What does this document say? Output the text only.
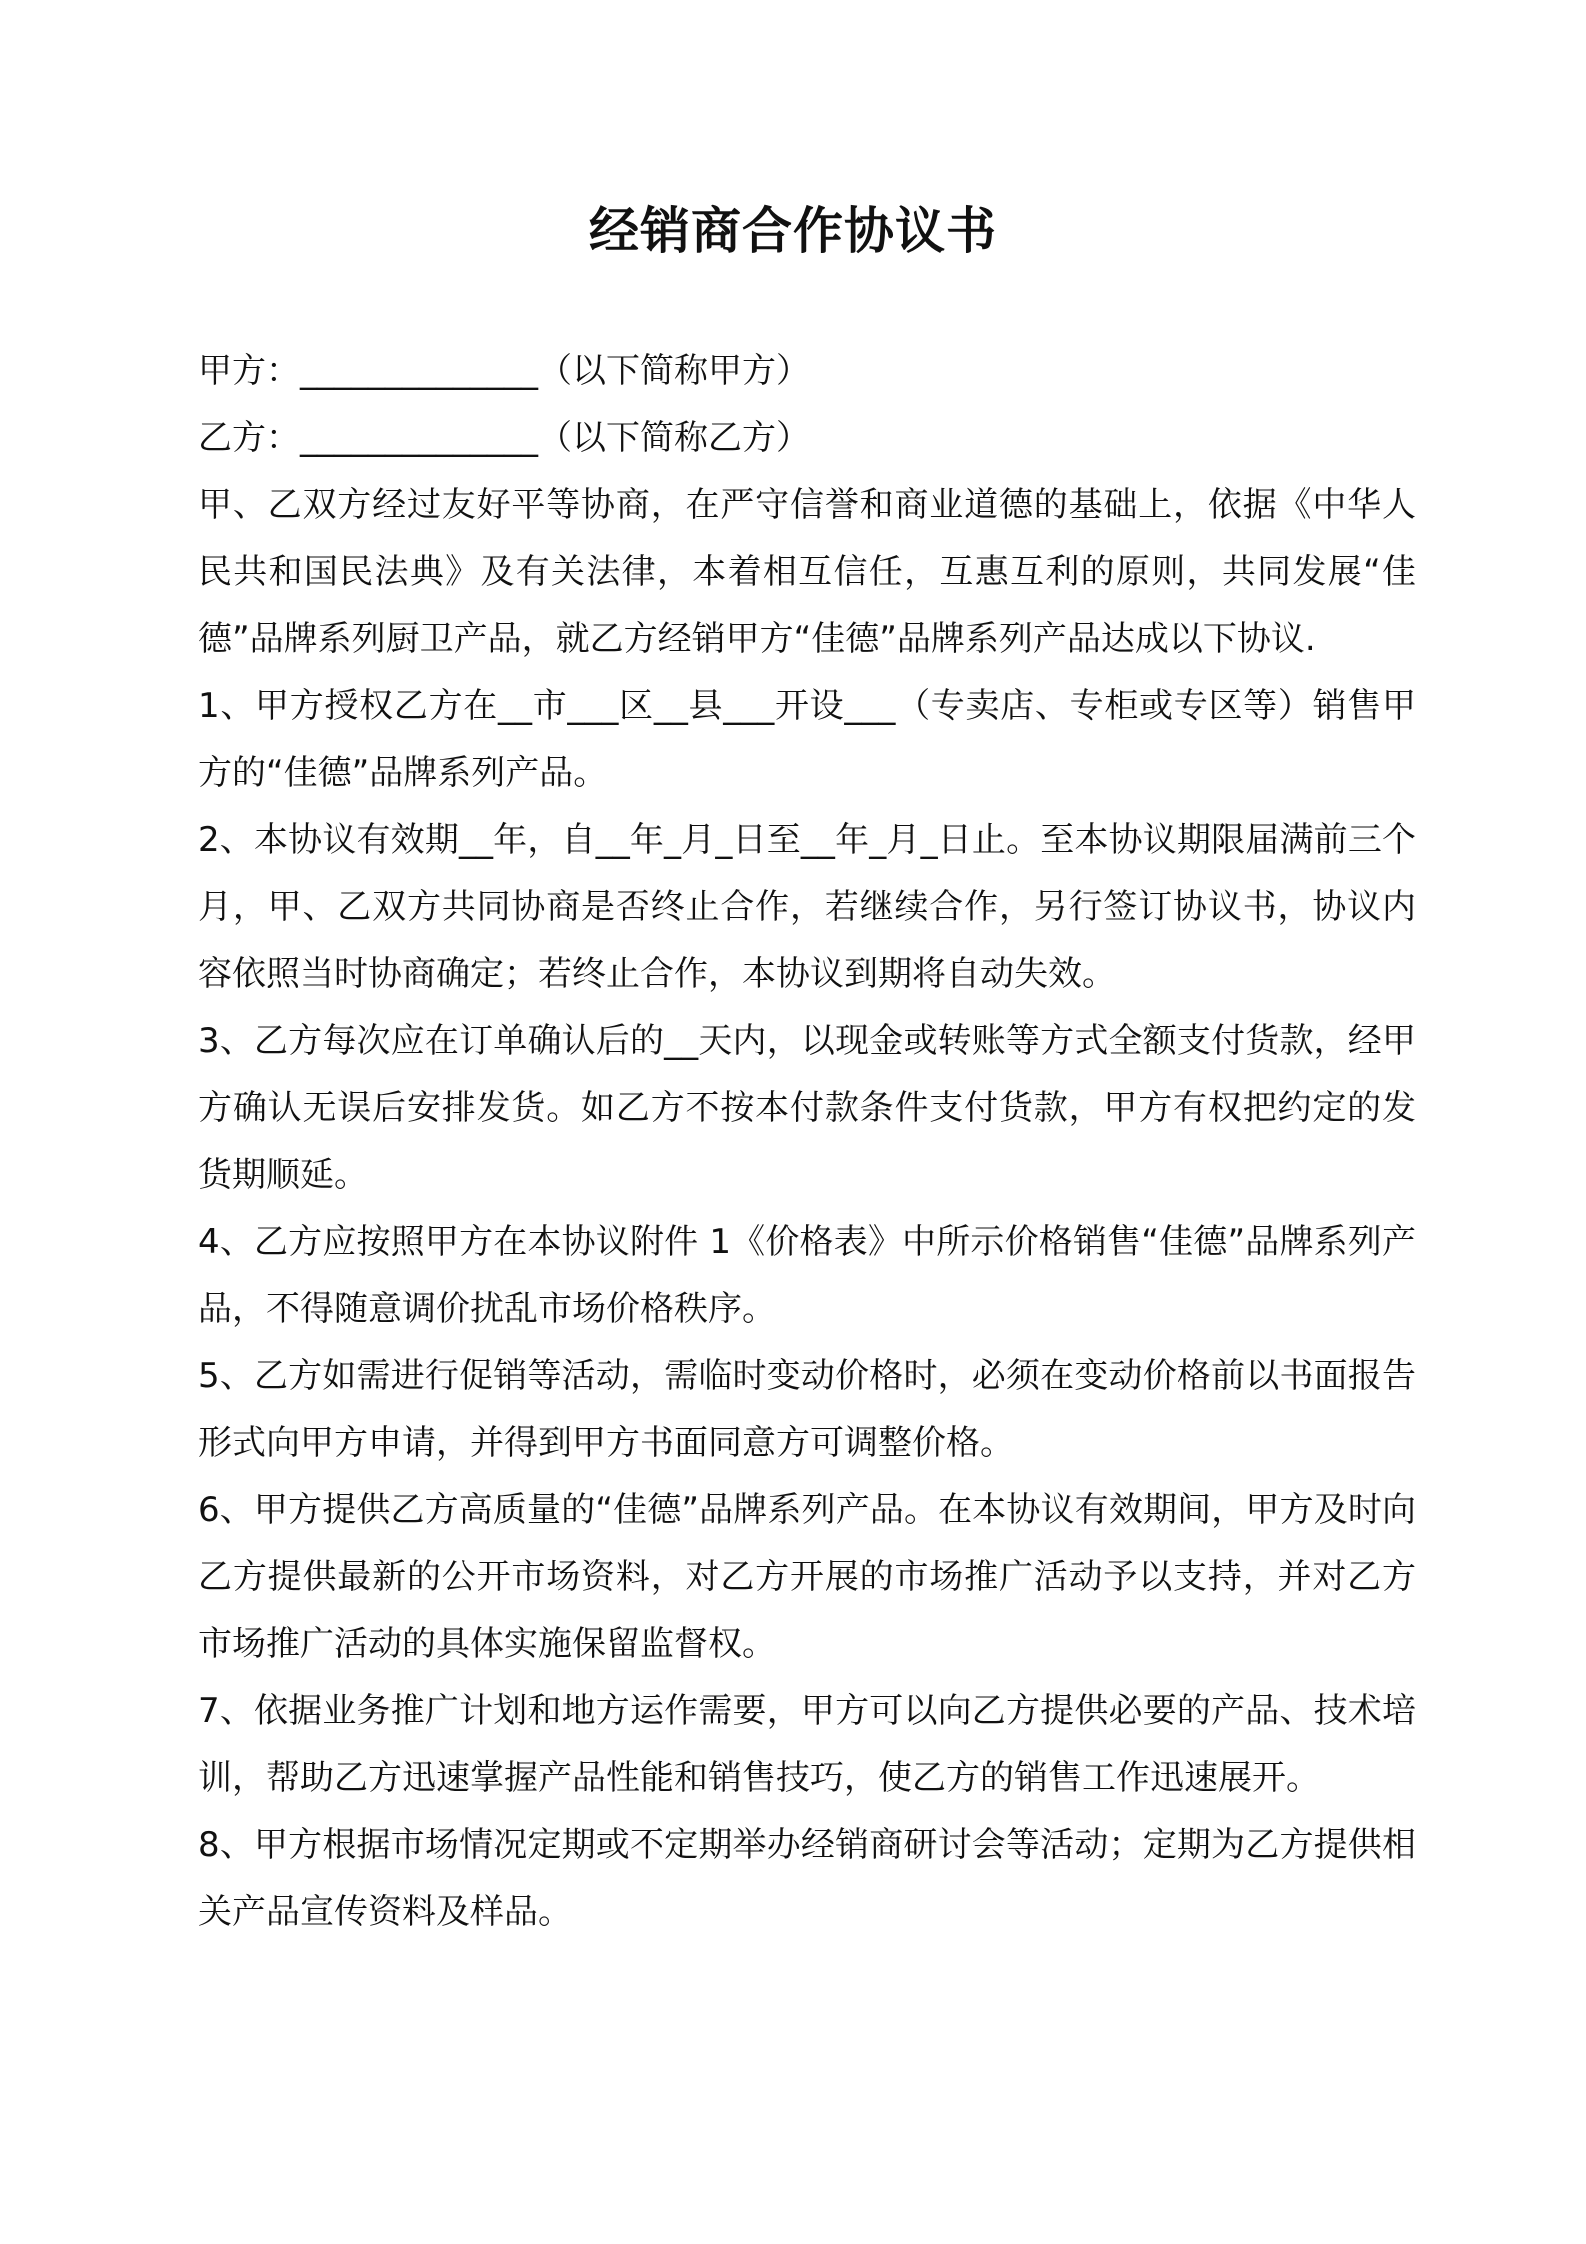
经销商合作协议书

甲方：______________（以下简称甲方）

乙方：______________（以下简称乙方）

甲、乙双方经过友好平等协商，在严守信誉和商业道德的基础上，依据《中华人民共和国民法典》及有关法律，本着相互信任，互惠互利的原则，共同发展“佳德”品牌系列厨卫产品，就乙方经销甲方“佳德”品牌系列产品达成以下协议.

1、甲方授权乙方在__市___区__县___开设___（专卖店、专柜或专区等）销售甲方的“佳德”品牌系列产品。

2、本协议有效期__年，自__年_月_日至__年_月_日止。至本协议期限届满前三个月，甲、乙双方共同协商是否终止合作，若继续合作，另行签订协议书，协议内容依照当时协商确定；若终止合作，本协议到期将自动失效。

3、乙方每次应在订单确认后的__天内，以现金或转账等方式全额支付货款，经甲方确认无误后安排发货。如乙方不按本付款条件支付货款，甲方有权把约定的发货期顺延。

4、乙方应按照甲方在本协议附件 1《价格表》中所示价格销售“佳德”品牌系列产品，不得随意调价扰乱市场价格秩序。

5、乙方如需进行促销等活动，需临时变动价格时，必须在变动价格前以书面报告形式向甲方申请，并得到甲方书面同意方可调整价格。

6、甲方提供乙方高质量的“佳德”品牌系列产品。在本协议有效期间，甲方及时向乙方提供最新的公开市场资料，对乙方开展的市场推广活动予以支持，并对乙方市场推广活动的具体实施保留监督权。

7、依据业务推广计划和地方运作需要，甲方可以向乙方提供必要的产品、技术培训，帮助乙方迅速掌握产品性能和销售技巧，使乙方的销售工作迅速展开。

8、甲方根据市场情况定期或不定期举办经销商研讨会等活动；定期为乙方提供相关产品宣传资料及样品。
